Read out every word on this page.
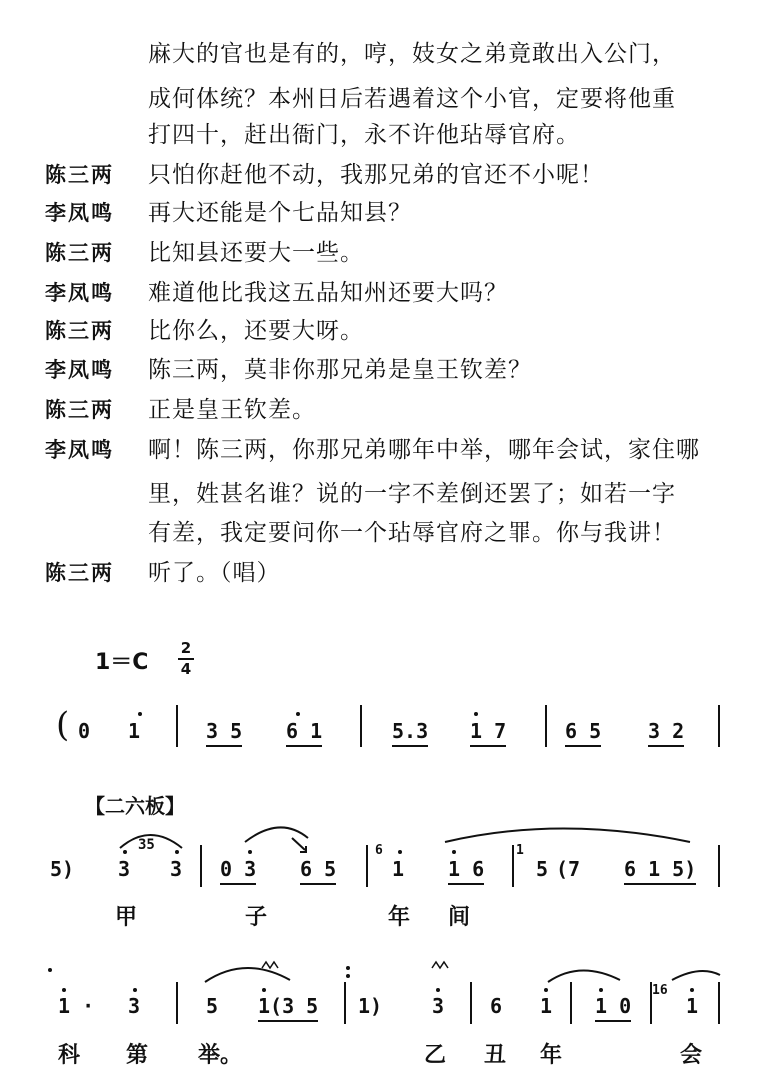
麻大的官也是有的，哼，妓女之弟竟敢出入公门，
成何体统？本州日后若遇着这个小官，定要将他重
打四十，赶出衙门，永不许他玷辱官府。
陈三两 只怕你赶他不动，我那兄弟的官还不小呢！
李凤鸣 再大还能是个七品知县？
陈三两 比知县还要大一些。
李凤鸣 难道他比我这五品知州还要大吗？
陈三两 比你么，还要大呀。
李凤鸣 陈三两，莫非你那兄弟是皇王钦差？
陈三两 正是皇王钦差。
李凤鸣 啊！陈三两，你那兄弟哪年中举，哪年会试，家住哪
里，姓甚名谁？说的一字不差倒还罢了；如若一字
有差，我定要问你一个玷辱官府之罪。你与我讲！
陈三两 听了。（唱）
1＝C
2
4
( 0 1	3 5 6 1	5.3 1 7	6 5 3 2
【二六板】
5) 3
35
3 0 3 6 5
6
1 1 6
1
5 (7 6 1 5)
甲	子	年 间
1 · 3	5 1(3 5 1) 3 6 1 1 0
16
1
科 第 举。	乙 丑 年	会
